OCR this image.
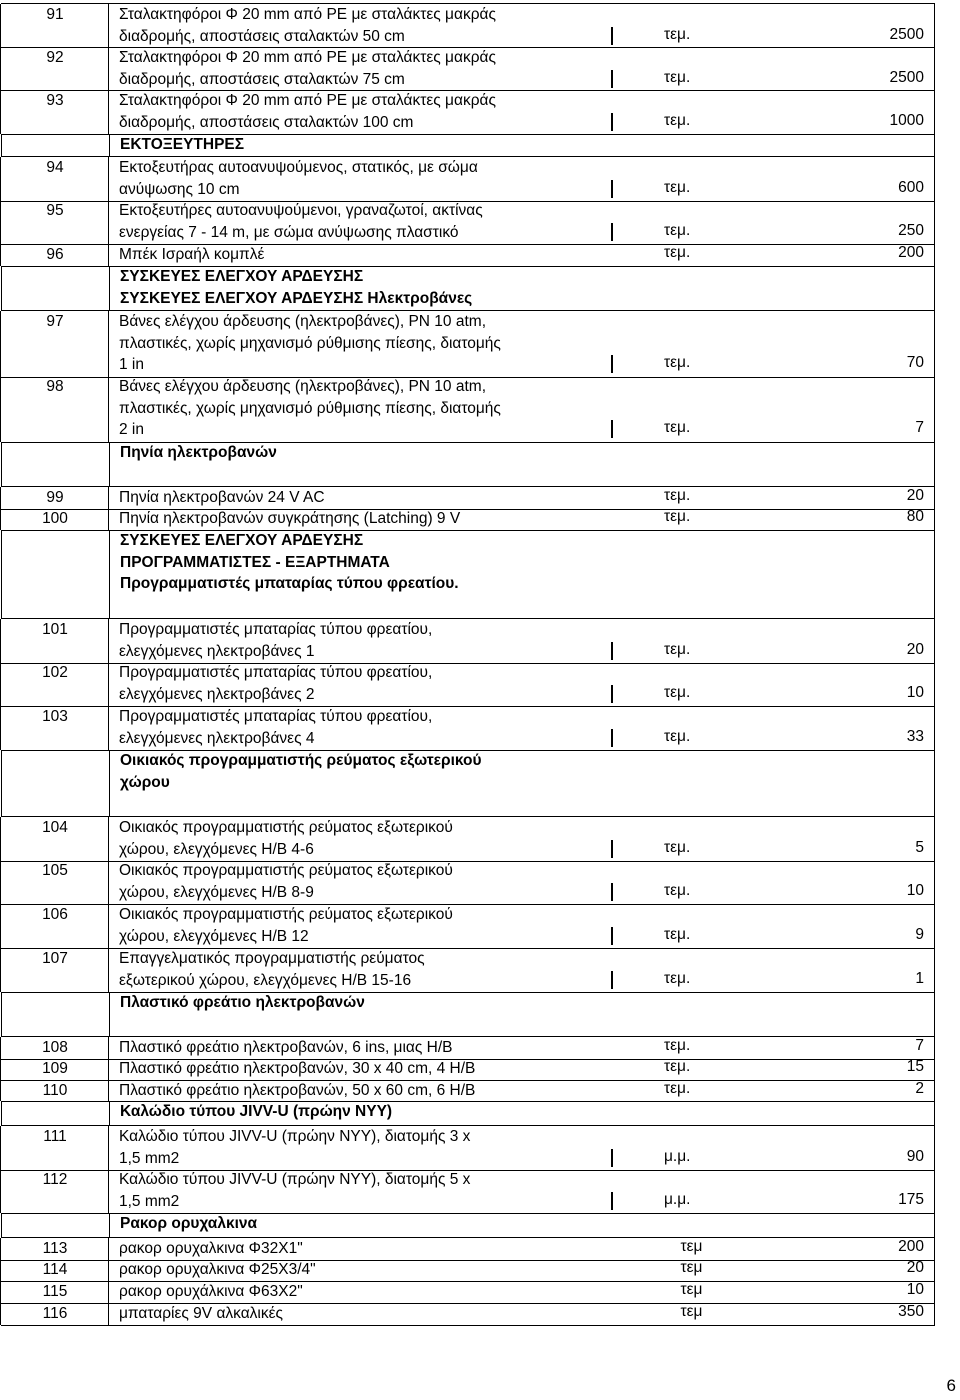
91	Σταλακτηφόροι Φ 20 mm από PE με σταλάκτες μακράς
διαδρομής, αποστάσεις σταλακτών 50 cm	τεμ.	2500
92	Σταλακτηφόροι Φ 20 mm από PE με σταλάκτες μακράς
διαδρομής, αποστάσεις σταλακτών 75 cm	τεμ.	2500
93	Σταλακτηφόροι Φ 20 mm από PE με σταλάκτες μακράς
διαδρομής, αποστάσεις σταλακτών 100 cm	τεμ.	1000
ΕΚΤΟΞΕΥΤΗΡΕΣ
94	Εκτοξευτήρας αυτοανυψούμενος, στατικός, με σώμα
ανύψωσης 10 cm	τεμ.	600
95	Εκτοξευτήρες αυτοανυψούμενοι, γραναζωτοί, ακτίνας
ενεργείας 7 - 14 m, με σώμα ανύψωσης πλαστικό	τεμ.	250
96	Μπέκ Ισραήλ κομπλέ	τεμ.	200
ΣΥΣΚΕΥΕΣ ΕΛΕΓΧΟΥ ΑΡΔΕΥΣΗΣ
ΣΥΣΚΕΥΕΣ ΕΛΕΓΧΟΥ ΑΡΔΕΥΣΗΣ Ηλεκτροβάνες
97	Βάνες ελέγχου άρδευσης (ηλεκτροβάνες), PN 10 atm,
πλαστικές, χωρίς μηχανισμό ρύθμισης πίεσης, διατομής
1 in	τεμ.	70
98	Βάνες ελέγχου άρδευσης (ηλεκτροβάνες), PN 10 atm,
πλαστικές, χωρίς μηχανισμό ρύθμισης πίεσης, διατομής
2 in	τεμ.	7
Πηνία ηλεκτροβανών
99	Πηνία ηλεκτροβανών 24 V AC	τεμ.	20
100	Πηνία ηλεκτροβανών συγκράτησης (Latching) 9 V	τεμ.	80
ΣΥΣΚΕΥΕΣ ΕΛΕΓΧΟΥ ΑΡΔΕΥΣΗΣ
ΠΡΟΓΡΑΜΜΑΤΙΣΤΕΣ - ΕΞΑΡΤΗΜΑΤΑ
Προγραμματιστές μπαταρίας τύπου φρεατίου.
101	Προγραμματιστές μπαταρίας τύπου φρεατίου,
ελεγχόμενες ηλεκτροβάνες 1	τεμ.	20
102	Προγραμματιστές μπαταρίας τύπου φρεατίου,
ελεγχόμενες ηλεκτροβάνες 2	τεμ.	10
103	Προγραμματιστές μπαταρίας τύπου φρεατίου,
ελεγχόμενες ηλεκτροβάνες 4	τεμ.	33
Οικιακός προγραμματιστής ρεύματος εξωτερικού
χώρου
104	Οικιακός προγραμματιστής ρεύματος εξωτερικού
χώρου, ελεγχόμενες Η/Β 4-6	τεμ.	5
105	Οικιακός προγραμματιστής ρεύματος εξωτερικού
χώρου, ελεγχόμενες Η/Β 8-9	τεμ.	10
106	Οικιακός προγραμματιστής ρεύματος εξωτερικού
χώρου, ελεγχόμενες Η/Β 12	τεμ.	9
107	Επαγγελματικός προγραμματιστής ρεύματος
εξωτερικού χώρου, ελεγχόμενες Η/Β 15-16	τεμ.	1
Πλαστικό φρεάτιο ηλεκτροβανών
108	Πλαστικό φρεάτιο ηλεκτροβανών, 6 ins, μιας Η/Β	τεμ.	7
109	Πλαστικό φρεάτιο ηλεκτροβανών, 30 x 40 cm, 4 Η/Β	τεμ.	15
110	Πλαστικό φρεάτιο ηλεκτροβανών, 50 x 60 cm, 6 Η/Β	τεμ.	2
Καλώδιο τύπου JIVV-U (πρώην NYY)
111	Καλώδιο τύπου JIVV-U (πρώην NYY), διατομής 3 x
1,5 mm2	μ.μ.	90
112	Καλώδιο τύπου JIVV-U (πρώην NYY), διατομής 5 x
1,5 mm2	μ.μ.	175
Ρακορ ορυχαλκινα
113	ρακορ ορυχαλκινα Φ32Χ1"	τεμ	200
114	ρακορ ορυχαλκινα Φ25Χ3/4"	τεμ	20
115	ρακορ ορυχάλκινα Φ63Χ2"	τεμ	10
116	μπαταρίες 9V αλκαλικές	τεμ	350
6
